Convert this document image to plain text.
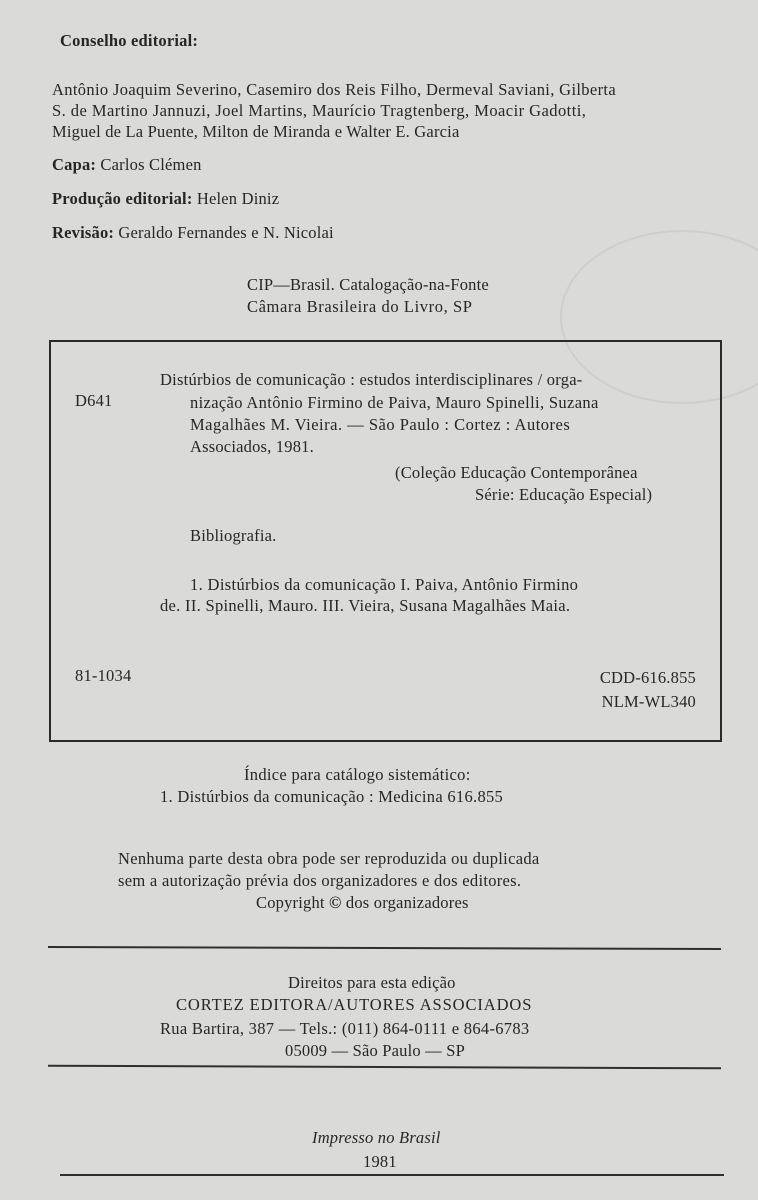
Conselho editorial:
Antônio Joaquim Severino, Casemiro dos Reis Filho, Dermeval Saviani, Gilberta
S. de Martino Jannuzi, Joel Martins, Maurício Tragtenberg, Moacir Gadotti,
Miguel de La Puente, Milton de Miranda e Walter E. Garcia
Capa: Carlos Clémen
Produção editorial: Helen Diniz
Revisão: Geraldo Fernandes e N. Nicolai
CIP—Brasil. Catalogação-na-Fonte
Câmara Brasileira do Livro, SP
D641
Distúrbios de comunicação : estudos interdisciplinares / orga-
nização Antônio Firmino de Paiva, Mauro Spinelli, Suzana
Magalhães M. Vieira. — São Paulo : Cortez : Autores
Associados, 1981.
(Coleção Educação Contemporânea
Série: Educação Especial)
Bibliografia.
1. Distúrbios da comunicação I. Paiva, Antônio Firmino
de. II. Spinelli, Mauro. III. Vieira, Susana Magalhães Maia.
81-1034	CDD-616.855
NLM-WL340
Índice para catálogo sistemático:
1. Distúrbios da comunicação : Medicina 616.855
Nenhuma parte desta obra pode ser reproduzida ou duplicada
sem a autorização prévia dos organizadores e dos editores.
Copyright © dos organizadores
Direitos para esta edição
CORTEZ EDITORA/AUTORES ASSOCIADOS
Rua Bartira, 387 — Tels.: (011) 864-0111 e 864-6783
05009 — São Paulo — SP
Impresso no Brasil
1981
